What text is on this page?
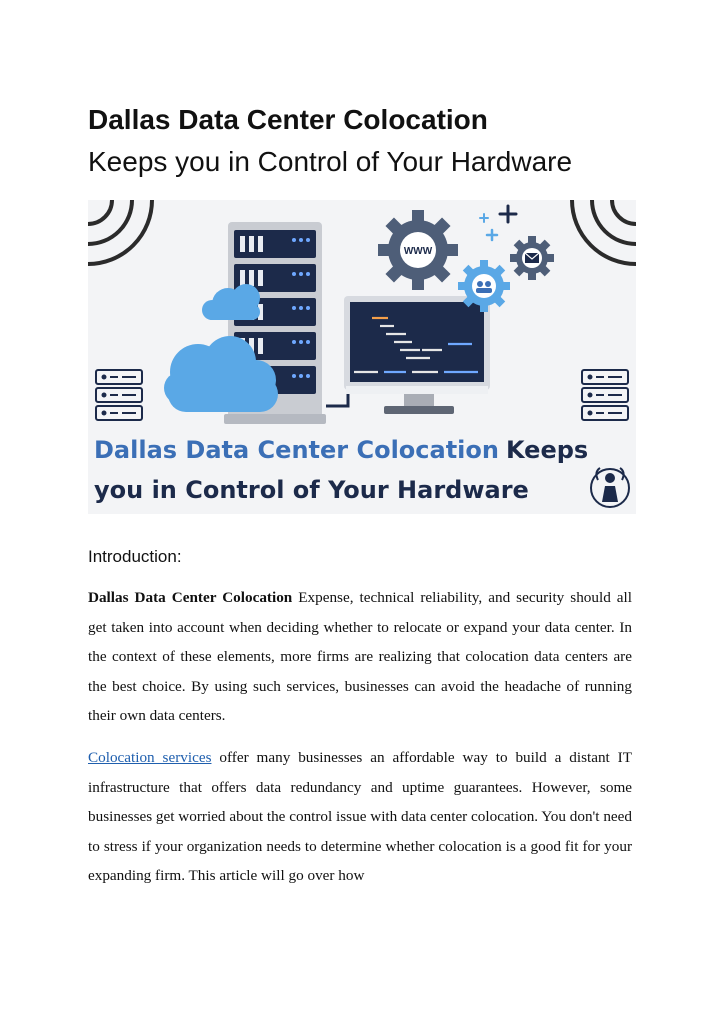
Dallas Data Center Colocation
Keeps you in Control of Your Hardware
WWW
Dallas Data Center Colocation Keeps
you in Control of Your Hardware
Introduction:

Dallas Data Center Colocation Expense, technical reliability, and security should all get taken into account when deciding whether to relocate or expand your data center. In the context of these elements, more firms are realizing that colocation data centers are the best choice. By using such services, businesses can avoid the headache of running their own data centers.

Colocation services offer many businesses an affordable way to build a distant IT infrastructure that offers data redundancy and uptime guarantees. However, some businesses get worried about the control issue with data center colocation. You don't need to stress if your organization needs to determine whether colocation is a good fit for your expanding firm. This article will go over how
